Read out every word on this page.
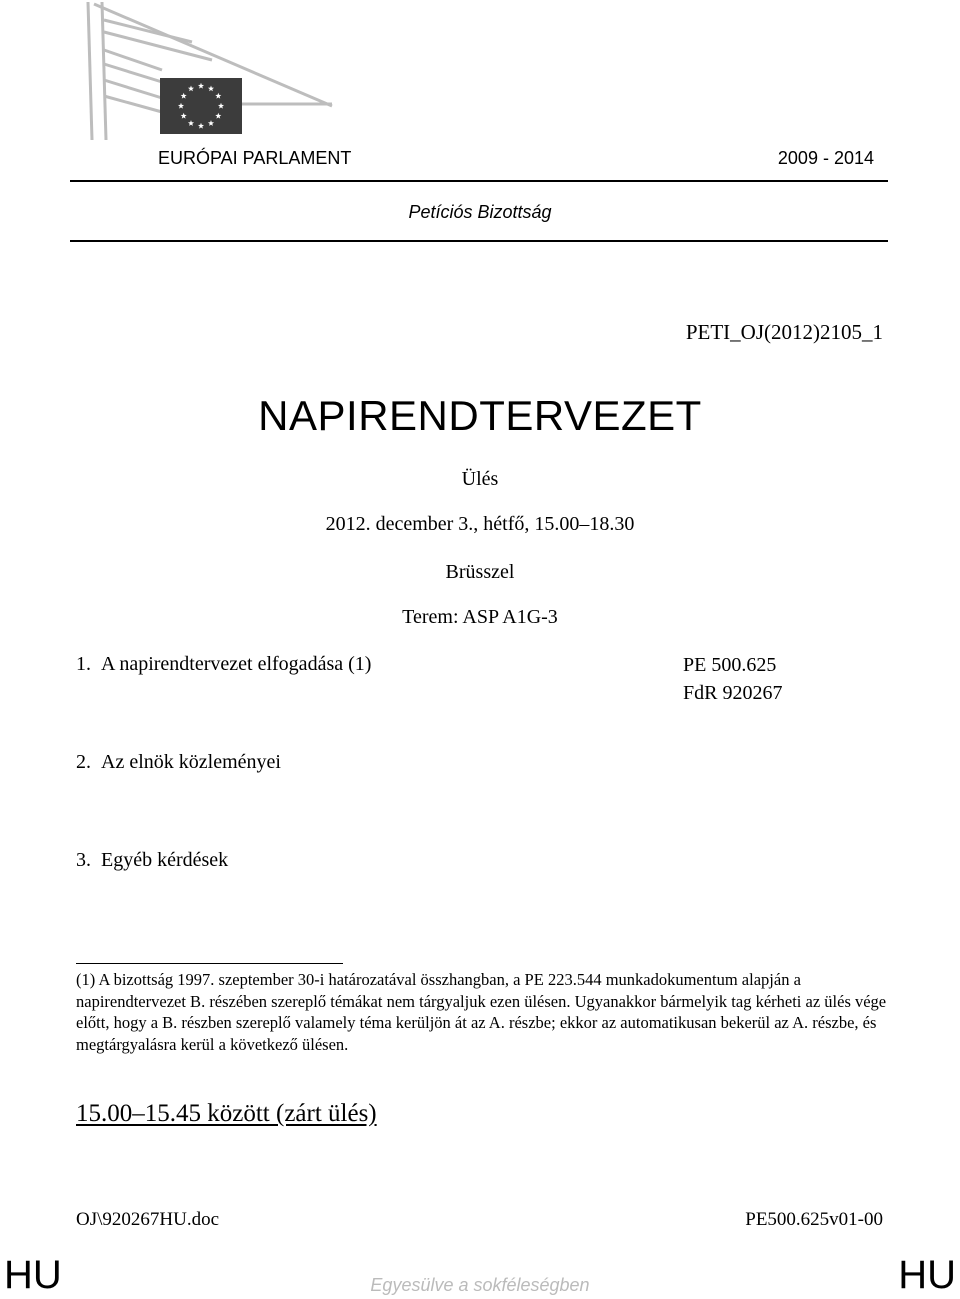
EURÓPAI PARLAMENT	2009 - 2014
Petíciós Bizottság
PETI_OJ(2012)2105_1
NAPIRENDTERVEZET
Ülés
2012. december 3., hétfő, 15.00–18.30
Brüsszel
Terem: ASP A1G-3
1. A napirendtervezet elfogadása (1)	PE 500.625
FdR 920267
2. Az elnök közleményei
3. Egyéb kérdések
(1) A bizottság 1997. szeptember 30-i határozatával összhangban, a PE 223.544 munkadokumentum alapján a napirendtervezet B. részében szereplő témákat nem tárgyaljuk ezen ülésen. Ugyanakkor bármelyik tag kérheti az ülés vége előtt, hogy a B. részben szereplő valamely téma kerüljön át az A. részbe; ekkor az automatikusan bekerül az A. részbe, és megtárgyalásra kerül a következő ülésen.
15.00–15.45 között (zárt ülés)
OJ\920267HU.doc	PE500.625v01-00
HU	HU
Egyesülve a sokféleségben
